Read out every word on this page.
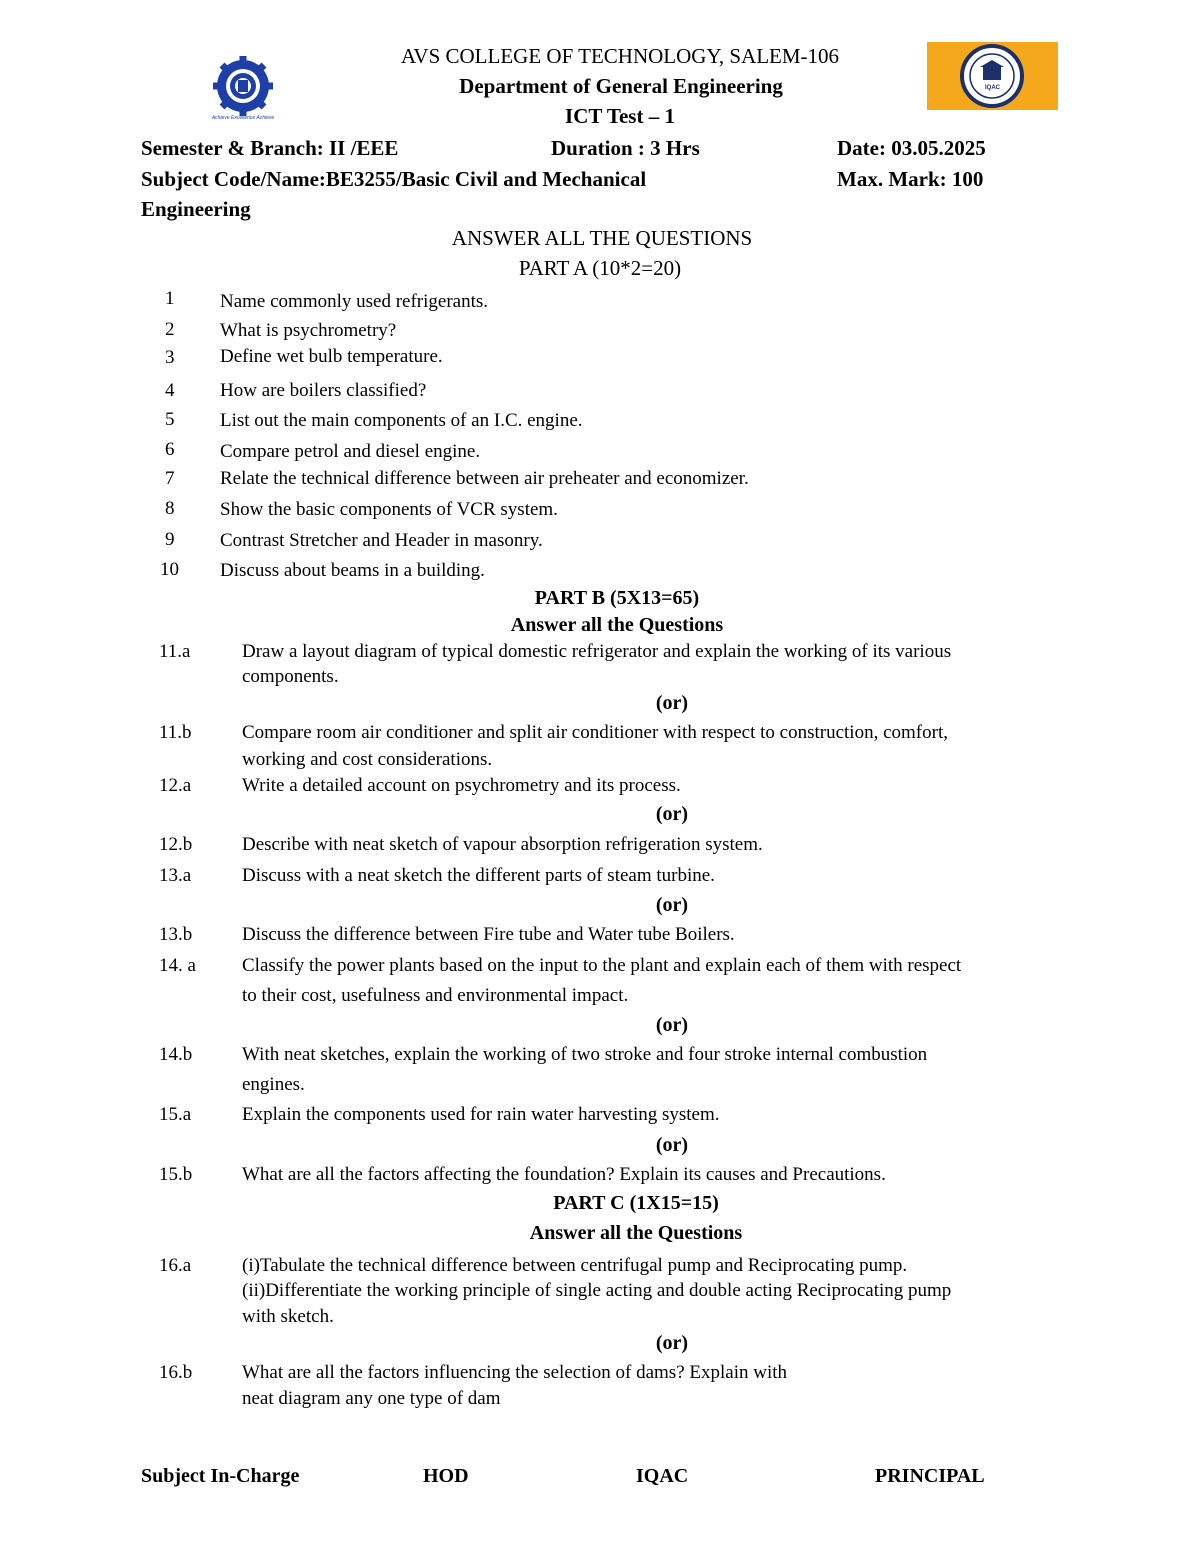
Achieve Excellence Achieve
IQAC
AVS COLLEGE OF TECHNOLOGY, SALEM-106
Department of General Engineering
ICT Test – 1
Semester & Branch: II /EEE	Duration : 3 Hrs	Date: 03.05.2025
Subject Code/Name:BE3255/Basic Civil and Mechanical	Max. Mark: 100
Engineering
ANSWER ALL THE QUESTIONS
PART A (10*2=20)
1 Name commonly used refrigerants.
2 What is psychrometry?
3 Define wet bulb temperature.
4 How are boilers classified?
5 List out the main components of an I.C. engine.
6 Compare petrol and diesel engine.
7 Relate the technical difference between air preheater and economizer.
8 Show the basic components of VCR system.
9 Contrast Stretcher and Header in masonry.
10 Discuss about beams in a building.
PART B (5X13=65)
Answer all the Questions
11.a	Draw a layout diagram of typical domestic refrigerator and explain the working of its various
components.
(or)
11.b	Compare room air conditioner and split air conditioner with respect to construction, comfort,
working and cost considerations.
12.a	Write a detailed account on psychrometry and its process.
(or)
12.b	Describe with neat sketch of vapour absorption refrigeration system.
13.a	Discuss with a neat sketch the different parts of steam turbine.
(or)
13.b	Discuss the difference between Fire tube and Water tube Boilers.
14. a Classify the power plants based on the input to the plant and explain each of them with respect
to their cost, usefulness and environmental impact.
(or)
14.b	With neat sketches, explain the working of two stroke and four stroke internal combustion
engines.
15.a	Explain the components used for rain water harvesting system.
(or)
15.b	What are all the factors affecting the foundation? Explain its causes and Precautions.
PART C (1X15=15)
Answer all the Questions
16.a	(i)Tabulate the technical difference between centrifugal pump and Reciprocating pump.
(ii)Differentiate the working principle of single acting and double acting Reciprocating pump
with sketch.
(or)
16.b	What are all the factors influencing the selection of dams? Explain with
neat diagram any one type of dam
Subject In-Charge	HOD	IQAC	PRINCIPAL
